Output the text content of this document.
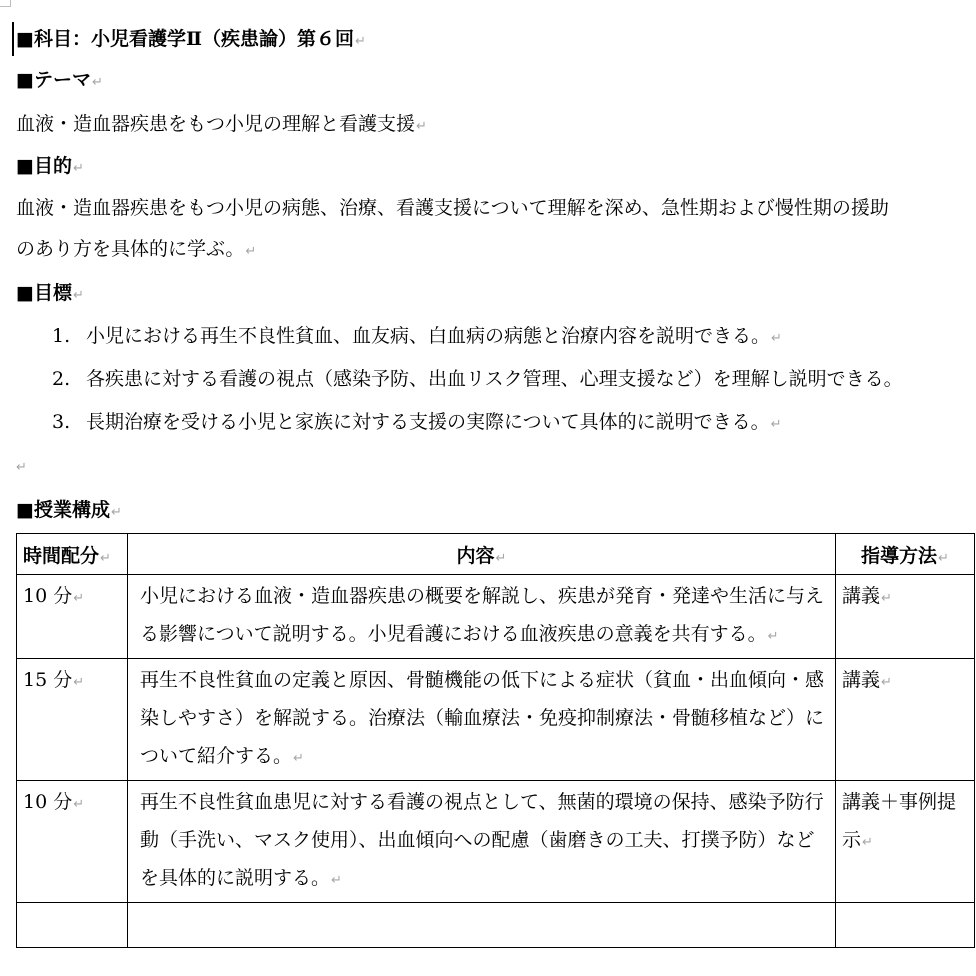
■科目：小児看護学Ⅱ（疾患論）第６回↵
■テーマ↵
血液・造血器疾患をもつ小児の理解と看護支援↵
■目的↵
血液・造血器疾患をもつ小児の病態、治療、看護支援について理解を深め、急性期および慢性期の援助
のあり方を具体的に学ぶ。↵
■目標↵
1. 小児における再生不良性貧血、血友病、白血病の病態と治療内容を説明できる。↵
2. 各疾患に対する看護の視点（感染予防、出血リスク管理、心理支援など）を理解し説明できる。
3. 長期治療を受ける小児と家族に対する支援の実際について具体的に説明できる。↵
↵
■授業構成↵
時間配分↵	内容↵	指導方法↵
10 分↵	小児における血液・造血器疾患の概要を解説し、疾患が発育・発達や生活に与える影響について説明する。小児看護における血液疾患の意義を共有する。↵	講義↵
15 分↵	再生不良性貧血の定義と原因、骨髄機能の低下による症状（貧血・出血傾向・感染しやすさ）を解説する。治療法（輸血療法・免疫抑制療法・骨髄移植など）について紹介する。↵	講義↵
10 分↵	再生不良性貧血患児に対する看護の視点として、無菌的環境の保持、感染予防行動（手洗い、マスク使用）、出血傾向への配慮（歯磨きの工夫、打撲予防）などを具体的に説明する。↵	講義＋事例提示↵
